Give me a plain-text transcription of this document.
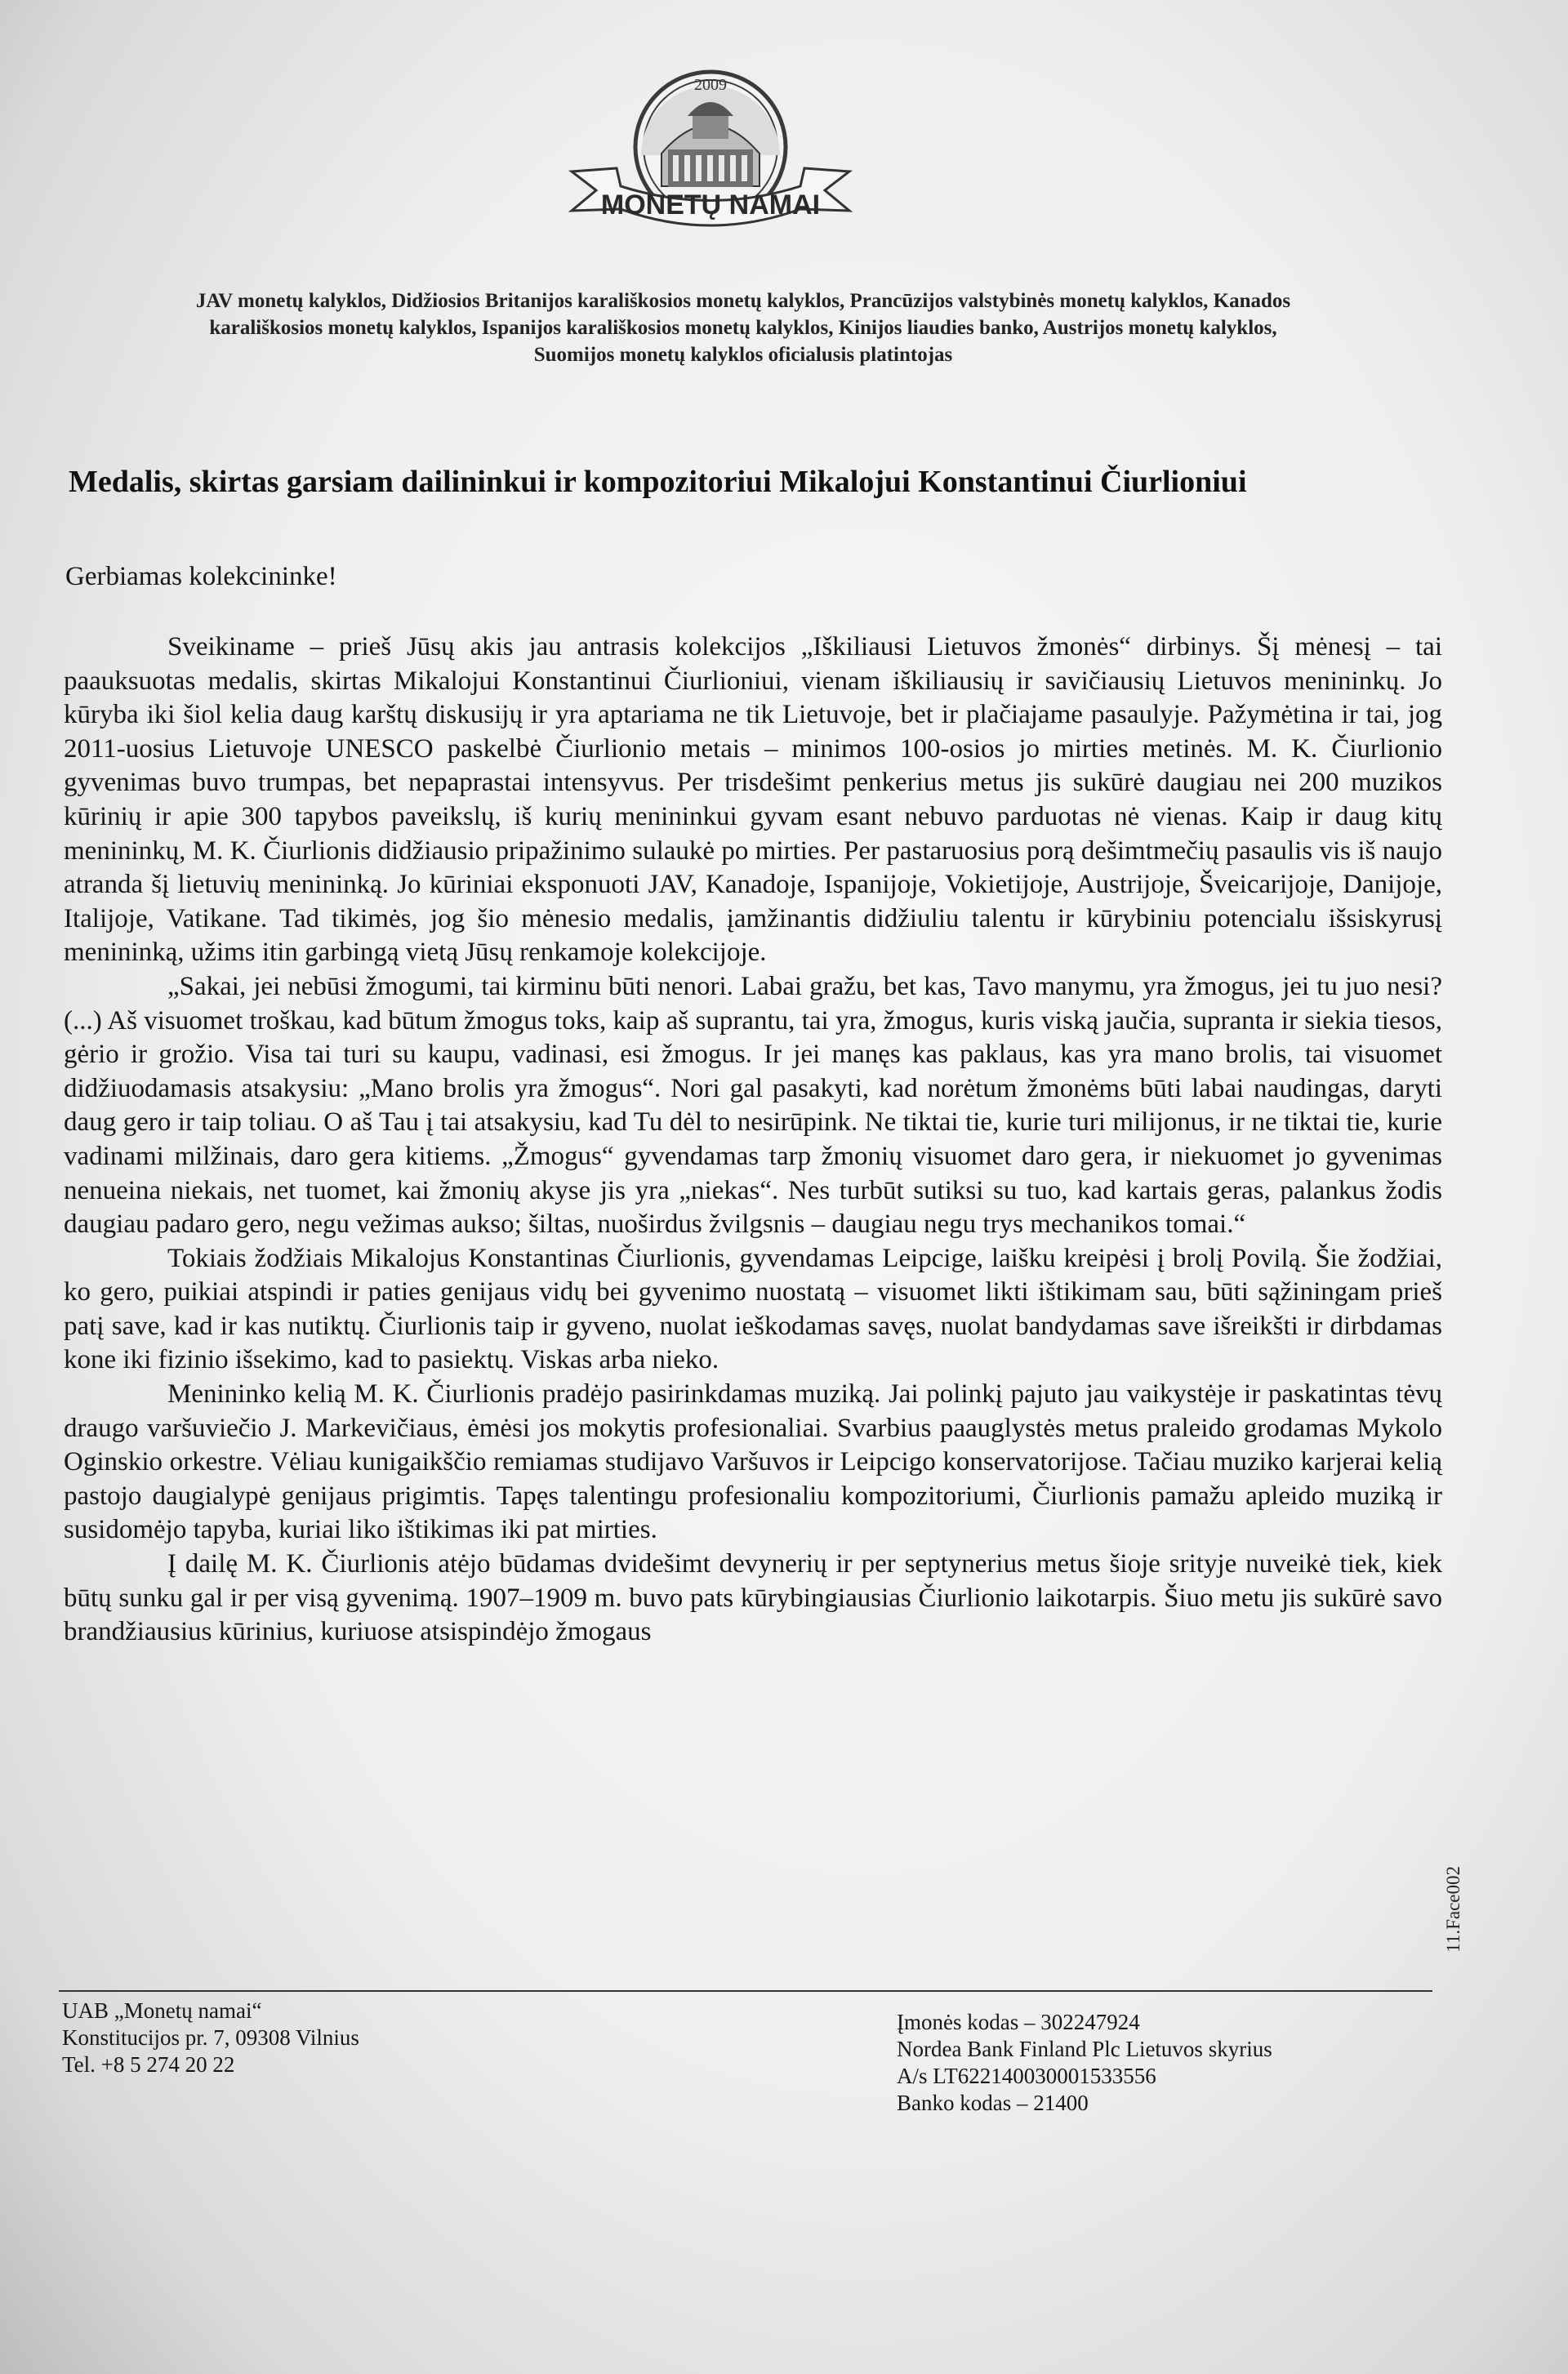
2009
MONETŲ NAMAI
JAV monetų kalyklos, Didžiosios Britanijos karališkosios monetų kalyklos, Prancūzijos valstybinės monetų kalyklos, Kanados
karališkosios monetų kalyklos, Ispanijos karališkosios monetų kalyklos, Kinijos liaudies banko, Austrijos monetų kalyklos,
Suomijos monetų kalyklos oficialusis platintojas
Medalis, skirtas garsiam dailininkui ir kompozitoriui Mikalojui Konstantinui Čiurlioniui
Gerbiamas kolekcininke!

Sveikiname – prieš Jūsų akis jau antrasis kolekcijos „Iškiliausi Lietuvos žmonės“ dirbinys. Šį mėnesį – tai paauksuotas medalis, skirtas Mikalojui Konstantinui Čiurlioniui, vienam iškiliausių ir savičiausių Lietuvos menininkų. Jo kūryba iki šiol kelia daug karštų diskusijų ir yra aptariama ne tik Lietuvoje, bet ir plačiajame pasaulyje. Pažymėtina ir tai, jog 2011-uosius Lietuvoje UNESCO paskelbė Čiurlionio metais – minimos 100-osios jo mirties metinės. M. K. Čiurlionio gyvenimas buvo trumpas, bet nepaprastai intensyvus. Per trisdešimt penkerius metus jis sukūrė daugiau nei 200 muzikos kūrinių ir apie 300 tapybos paveikslų, iš kurių menininkui gyvam esant nebuvo parduotas nė vienas. Kaip ir daug kitų menininkų, M. K. Čiurlionis didžiausio pripažinimo sulaukė po mirties. Per pastaruosius porą dešimtmečių pasaulis vis iš naujo atranda šį lietuvių menininką. Jo kūriniai eksponuoti JAV, Kanadoje, Ispanijoje, Vokietijoje, Austrijoje, Šveicarijoje, Danijoje, Italijoje, Vatikane. Tad tikimės, jog šio mėnesio medalis, įamžinantis didžiuliu talentu ir kūrybiniu potencialu išsiskyrusį menininką, užims itin garbingą vietą Jūsų renkamoje kolekcijoje.

„Sakai, jei nebūsi žmogumi, tai kirminu būti nenori. Labai gražu, bet kas, Tavo manymu, yra žmogus, jei tu juo nesi? (...) Aš visuomet troškau, kad būtum žmogus toks, kaip aš suprantu, tai yra, žmogus, kuris viską jaučia, supranta ir siekia tiesos, gėrio ir grožio. Visa tai turi su kaupu, vadinasi, esi žmogus. Ir jei manęs kas paklaus, kas yra mano brolis, tai visuomet didžiuodamasis atsakysiu: „Mano brolis yra žmogus“. Nori gal pasakyti, kad norėtum žmonėms būti labai naudingas, daryti daug gero ir taip toliau. O aš Tau į tai atsakysiu, kad Tu dėl to nesirūpink. Ne tiktai tie, kurie turi milijonus, ir ne tiktai tie, kurie vadinami milžinais, daro gera kitiems. „Žmogus“ gyvendamas tarp žmonių visuomet daro gera, ir niekuomet jo gyvenimas nenueina niekais, net tuomet, kai žmonių akyse jis yra „niekas“. Nes turbūt sutiksi su tuo, kad kartais geras, palankus žodis daugiau padaro gero, negu vežimas aukso; šiltas, nuoširdus žvilgsnis – daugiau negu trys mechanikos tomai.“

Tokiais žodžiais Mikalojus Konstantinas Čiurlionis, gyvendamas Leipcige, laišku kreipėsi į brolį Povilą. Šie žodžiai, ko gero, puikiai atspindi ir paties genijaus vidų bei gyvenimo nuostatą – visuomet likti ištikimam sau, būti sąžiningam prieš patį save, kad ir kas nutiktų. Čiurlionis taip ir gyveno, nuolat ieškodamas savęs, nuolat bandydamas save išreikšti ir dirbdamas kone iki fizinio išsekimo, kad to pasiektų. Viskas arba nieko.

Menininko kelią M. K. Čiurlionis pradėjo pasirinkdamas muziką. Jai polinkį pajuto jau vaikystėje ir paskatintas tėvų draugo varšuviečio J. Markevičiaus, ėmėsi jos mokytis profesionaliai. Svarbius paauglystės metus praleido grodamas Mykolo Oginskio orkestre. Vėliau kunigaikščio remiamas studijavo Varšuvos ir Leipcigo konservatorijose. Tačiau muziko karjerai kelią pastojo daugialypė genijaus prigimtis. Tapęs talentingu profesionaliu kompozitoriumi, Čiurlionis pamažu apleido muziką ir susidomėjo tapyba, kuriai liko ištikimas iki pat mirties.

Į dailę M. K. Čiurlionis atėjo būdamas dvidešimt devynerių ir per septynerius metus šioje srityje nuveikė tiek, kiek būtų sunku gal ir per visą gyvenimą. 1907–1909 m. buvo pats kūrybingiausias Čiurlionio laikotarpis. Šiuo metu jis sukūrė savo brandžiausius kūrinius, kuriuose atsispindėjo žmogaus

UAB „Monetų namai“
Konstitucijos pr. 7, 09308 Vilnius
Tel. +8 5 274 20 22
Įmonės kodas – 302247924
Nordea Bank Finland Plc Lietuvos skyrius
A/s LT622140030001533556
Banko kodas – 21400
11.Face002
